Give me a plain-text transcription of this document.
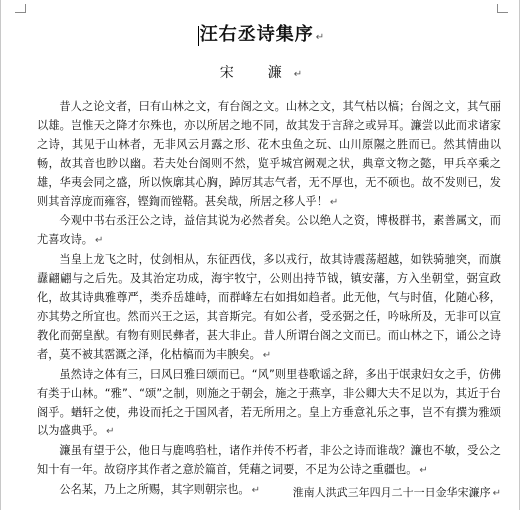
汪右丞诗集序 ↵
宋　濂 ↵

昔人之论文者，曰有山林之文，有台阁之文。山林之文，其气枯以槁；台阁之文，其气丽以雄。岂惟天之降才尔殊也，亦以所居之地不同，故其发于言辞之或异耳。濂尝以此而求诸家之诗，其见于山林者，无非风云月露之形、花木虫鱼之玩、山川原隰之胜而已。然其情曲以畅，故其音也眇以幽。若夫处台阁则不然，览乎城宫阙观之状，典章文物之懿，甲兵卒乘之雄，华夷会同之盛，所以恢廓其心胸，踔厉其志气者，无不厚也，无不硕也。故不发则已，发则其音淳庞而雍容，铿鍧而镗鞳。甚矣哉，所居之移人乎！ ↵

今观中书右丞汪公之诗，益信其说为必然者矣。公以绝人之资，博极群书，素善属文，而尤喜攻诗。 ↵

当皇上龙飞之时，仗剑相从，东征西伐，多以戎行，故其诗震荡超越，如铁骑驰突，而旗纛翩翩与之后先。及其治定功成，海宇牧宁，公则出持节钺，镇安藩，方入坐朝堂，弼宣政化，故其诗典雅尊严，类乔岳雄峙，而群峰左右如揖如趋者。此无他，气与时值，化随心移，亦其势之所宜也。然而兴王之运，其音斯完。有如公者，受丞弼之任，吟咏所及，无非可以宣教化而弼皇猷。有物有则民彝者，甚大非止。昔人所谓台阁之文而已。而山林之下，诵公之诗者，莫不被其霑溉之泽，化枯槁而为丰腴矣。 ↵

虽然诗之体有三，曰风曰雅曰颂而已。“风”则里巷歌谣之辞，多出于氓隶妇女之手，仿佛有类于山林。“雅”、“颂”之制，则施之于朝会，施之于燕享，非公卿大夫不足以为，其近于台阁乎。蝤轩之使，弗设而托之于国风者，若无所用之。皇上方垂意礼乐之事，岂不有撰为雅颂以为盛典乎。 ↵

濂虽有望于公，他日与鹿鸣驺杜，诸作并传不朽者，非公之诗而谁哉？濂也不敏，受公之知十有一年。故窃序其作者之意於篇首，凭藉之词要，不足为公诗之重疆也。 ↵

公名某，乃上之所赐，其字则朝宗也。 ↵	淮南人洪武三年四月二十一日金华宋濂序 ↵
